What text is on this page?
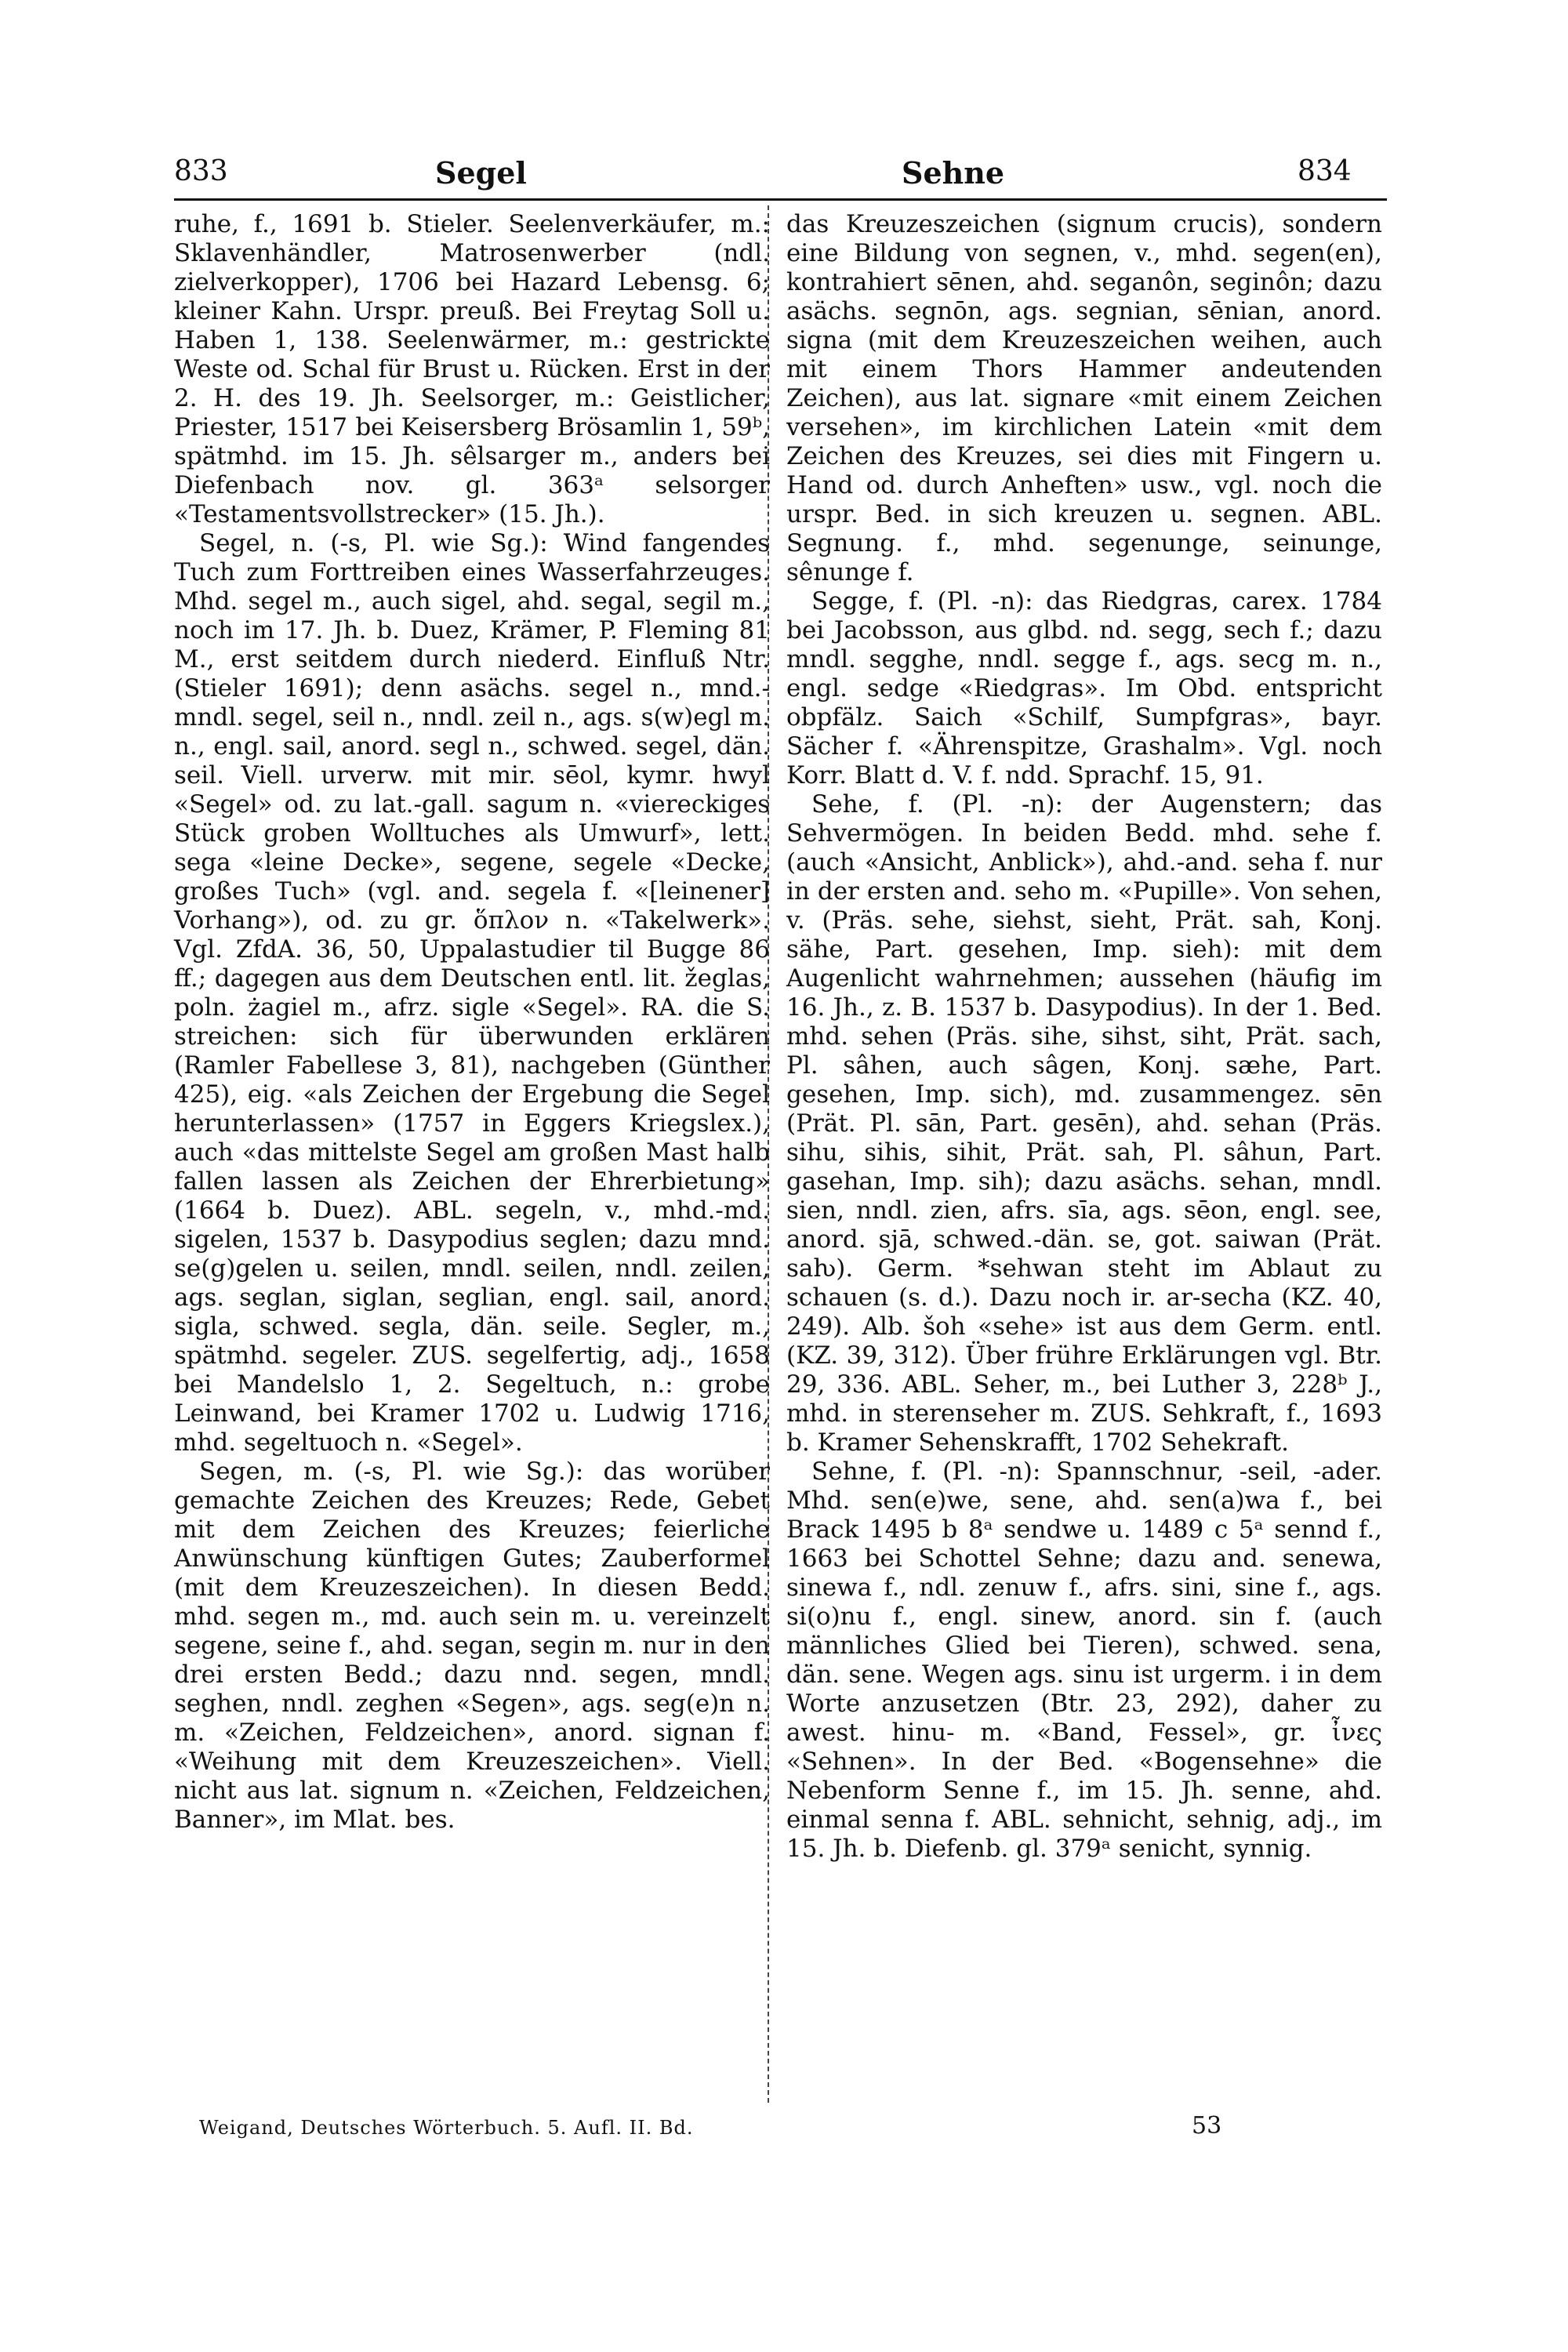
833	Segel	Sehne	834

ruhe, f., 1691 b. Stieler. Seelenverkäufer, m.: Sklavenhändler, Matrosenwerber (ndl. zielverkopper), 1706 bei Hazard Lebensg. 6; kleiner Kahn. Urspr. preuß. Bei Freytag Soll u. Haben 1, 138. Seelenwärmer, m.: gestrickte Weste od. Schal für Brust u. Rücken. Erst in der 2. H. des 19. Jh. Seelsorger, m.: Geistlicher, Priester, 1517 bei Keisersberg Brösamlin 1, 59ᵇ, spätmhd. im 15. Jh. sêlsarger m., anders bei Diefenbach nov. gl. 363ᵃ selsorger «Testamentsvollstrecker» (15. Jh.).

Segel, n. (-s, Pl. wie Sg.): Wind fangendes Tuch zum Forttreiben eines Wasserfahrzeuges. Mhd. segel m., auch sigel, ahd. segal, segil m., noch im 17. Jh. b. Duez, Krämer, P. Fleming 81 M., erst seitdem durch niederd. Einfluß Ntr. (Stieler 1691); denn asächs. segel n., mnd.-mndl. segel, seil n., nndl. zeil n., ags. s(w)egl m. n., engl. sail, anord. segl n., schwed. segel, dän. seil. Viell. urverw. mit mir. sēol, kymr. hwyl «Segel» od. zu lat.-gall. sagum n. «viereckiges Stück groben Wolltuches als Umwurf», lett. sega «leine Decke», segene, segele «Decke, großes Tuch» (vgl. and. segela f. «[leinener] Vorhang»), od. zu gr. ὅπλον n. «Takelwerk». Vgl. ZfdA. 36, 50, Uppalastudier til Bugge 86 ff.; dagegen aus dem Deutschen entl. lit. žeglas, poln. żagiel m., afrz. sigle «Segel». RA. die S. streichen: sich für überwunden erklären (Ramler Fabellese 3, 81), nachgeben (Günther 425), eig. «als Zeichen der Ergebung die Segel herunterlassen» (1757 in Eggers Kriegslex.), auch «das mittelste Segel am großen Mast halb fallen lassen als Zeichen der Ehrerbietung» (1664 b. Duez). ABL. segeln, v., mhd.-md. sigelen, 1537 b. Dasypodius seglen; dazu mnd. se(g)gelen u. seilen, mndl. seilen, nndl. zeilen, ags. seglan, siglan, seglian, engl. sail, anord. sigla, schwed. segla, dän. seile. Segler, m., spätmhd. segeler. ZUS. segelfertig, adj., 1658 bei Mandelslo 1, 2. Segeltuch, n.: grobe Leinwand, bei Kramer 1702 u. Ludwig 1716, mhd. segeltuoch n. «Segel».

Segen, m. (-s, Pl. wie Sg.): das worüber gemachte Zeichen des Kreuzes; Rede, Gebet mit dem Zeichen des Kreuzes; feierliche Anwünschung künftigen Gutes; Zauberformel (mit dem Kreuzeszeichen). In diesen Bedd. mhd. segen m., md. auch sein m. u. vereinzelt segene, seine f., ahd. segan, segin m. nur in den drei ersten Bedd.; dazu nnd. segen, mndl. seghen, nndl. zeghen «Segen», ags. seg(e)n n. m. «Zeichen, Feldzeichen», anord. signan f. «Weihung mit dem Kreuzeszeichen». Viell. nicht aus lat. signum n. «Zeichen, Feldzeichen, Banner», im Mlat. bes.

das Kreuzeszeichen (signum crucis), sondern eine Bildung von segnen, v., mhd. segen(en), kontrahiert sēnen, ahd. seganôn, seginôn; dazu asächs. segnōn, ags. segnian, sēnian, anord. signa (mit dem Kreuzeszeichen weihen, auch mit einem Thors Hammer andeutenden Zeichen), aus lat. signare «mit einem Zeichen versehen», im kirchlichen Latein «mit dem Zeichen des Kreuzes, sei dies mit Fingern u. Hand od. durch Anheften» usw., vgl. noch die urspr. Bed. in sich kreuzen u. segnen. ABL. Segnung. f., mhd. segenunge, seinunge, sênunge f.

Segge, f. (Pl. -n): das Riedgras, carex. 1784 bei Jacobsson, aus glbd. nd. segg, sech f.; dazu mndl. segghe, nndl. segge f., ags. secg m. n., engl. sedge «Riedgras». Im Obd. entspricht obpfälz. Saich «Schilf, Sumpfgras», bayr. Sächer f. «Ährenspitze, Grashalm». Vgl. noch Korr. Blatt d. V. f. ndd. Sprachf. 15, 91.

Sehe, f. (Pl. -n): der Augenstern; das Sehvermögen. In beiden Bedd. mhd. sehe f. (auch «Ansicht, Anblick»), ahd.-and. seha f. nur in der ersten and. seho m. «Pupille». Von sehen, v. (Präs. sehe, siehst, sieht, Prät. sah, Konj. sähe, Part. gesehen, Imp. sieh): mit dem Augenlicht wahrnehmen; aussehen (häufig im 16. Jh., z. B. 1537 b. Dasypodius). In der 1. Bed. mhd. sehen (Präs. sihe, sihst, siht, Prät. sach, Pl. sâhen, auch sâgen, Konj. sæhe, Part. gesehen, Imp. sich), md. zusammengez. sēn (Prät. Pl. sān, Part. gesēn), ahd. sehan (Präs. sihu, sihis, sihit, Prät. sah, Pl. sâhun, Part. gasehan, Imp. sih); dazu asächs. sehan, mndl. sien, nndl. zien, afrs. sīa, ags. sēon, engl. see, anord. sjā, schwed.-dän. se, got. saiwan (Prät. saƕ). Germ. *sehwan steht im Ablaut zu schauen (s. d.). Dazu noch ir. ar-secha (KZ. 40, 249). Alb. šoh «sehe» ist aus dem Germ. entl. (KZ. 39, 312). Über frühre Erklärungen vgl. Btr. 29, 336. ABL. Seher, m., bei Luther 3, 228ᵇ J., mhd. in sterenseher m. ZUS. Sehkraft, f., 1693 b. Kramer Sehenskrafft, 1702 Sehekraft.

Sehne, f. (Pl. -n): Spannschnur, -seil, -ader. Mhd. sen(e)we, sene, ahd. sen(a)wa f., bei Brack 1495 b 8ᵃ sendwe u. 1489 c 5ᵃ sennd f., 1663 bei Schottel Sehne; dazu and. senewa, sinewa f., ndl. zenuw f., afrs. sini, sine f., ags. si(o)nu f., engl. sinew, anord. sin f. (auch männliches Glied bei Tieren), schwed. sena, dän. sene. Wegen ags. sinu ist urgerm. i in dem Worte anzusetzen (Btr. 23, 292), daher zu awest. hinu- m. «Band, Fessel», gr. ἶνες «Sehnen». In der Bed. «Bogensehne» die Nebenform Senne f., im 15. Jh. senne, ahd. einmal senna f. ABL. sehnicht, sehnig, adj., im 15. Jh. b. Diefenb. gl. 379ᵃ senicht, synnig.

Weigand, Deutsches Wörterbuch. 5. Aufl. II. Bd.	53
